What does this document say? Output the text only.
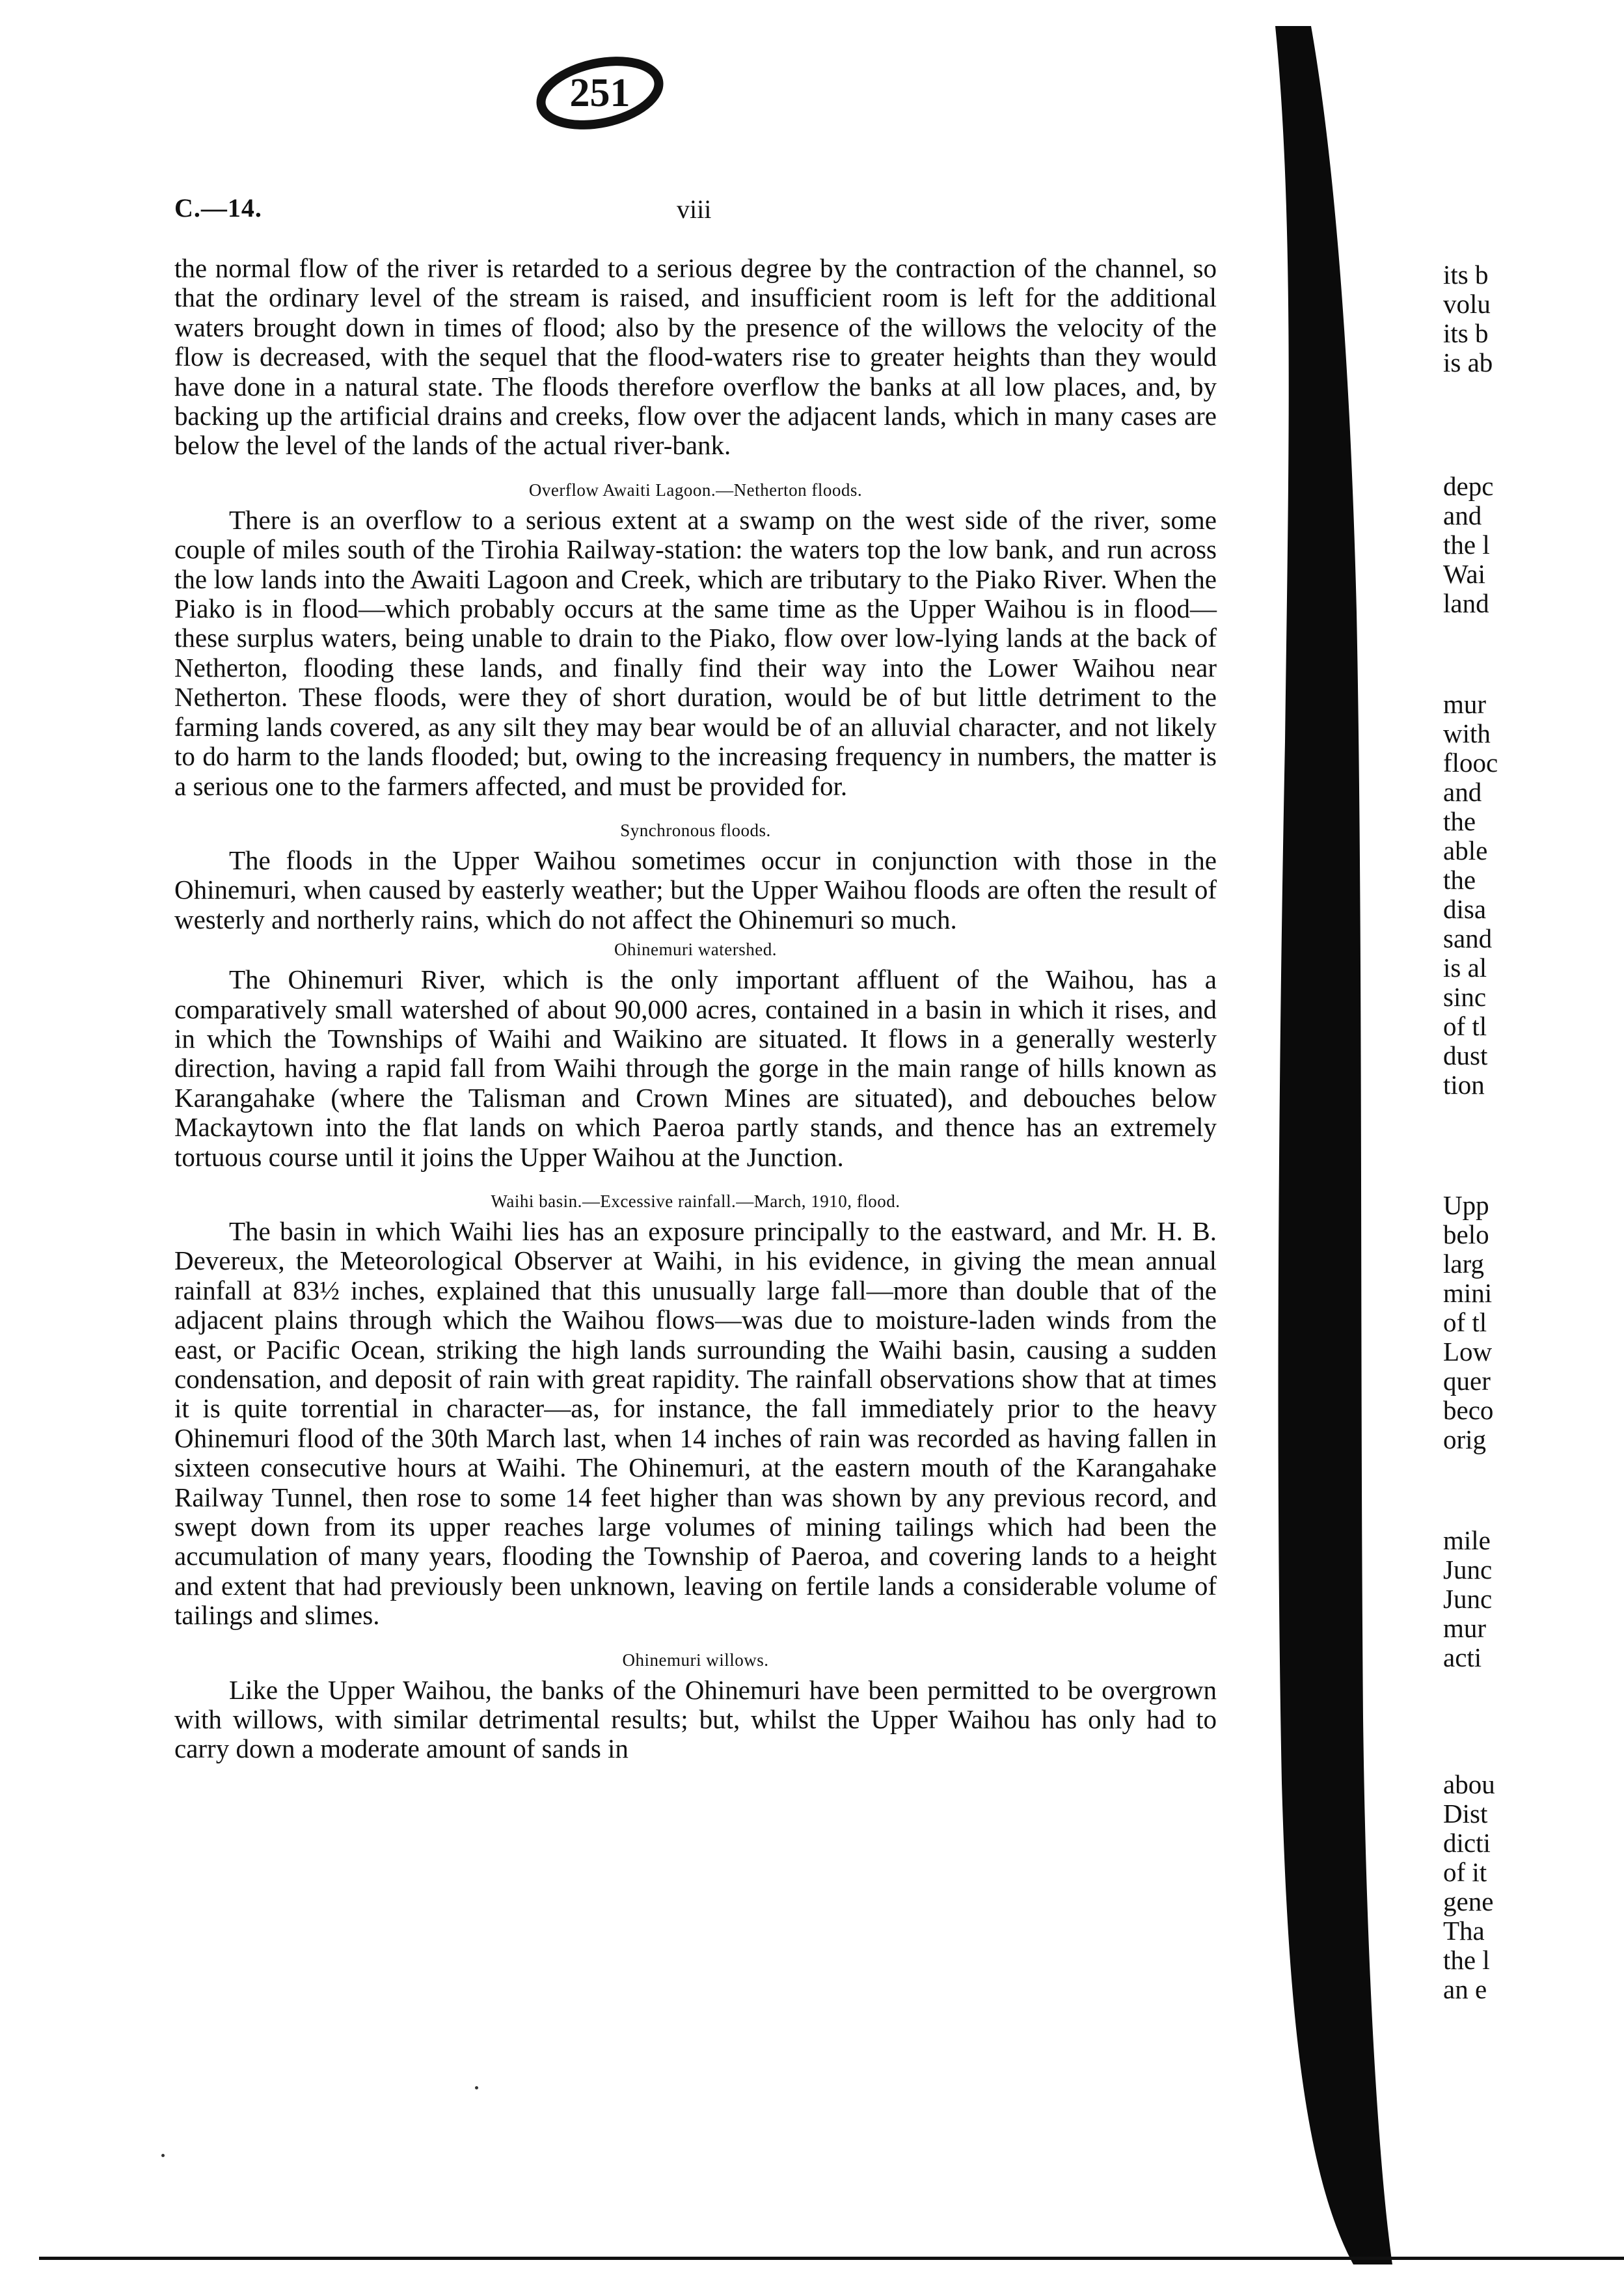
251
C.—14.	viii

the normal flow of the river is retarded to a serious degree by the contraction of the channel, so that the ordinary level of the stream is raised, and insufficient room is left for the additional waters brought down in times of flood; also by the presence of the willows the velocity of the flow is decreased, with the sequel that the flood-waters rise to greater heights than they would have done in a natural state. The floods therefore overflow the banks at all low places, and, by backing up the artificial drains and creeks, flow over the adjacent lands, which in many cases are below the level of the lands of the actual river-bank.

Overflow Awaiti Lagoon.—Netherton floods.

There is an overflow to a serious extent at a swamp on the west side of the river, some couple of miles south of the Tirohia Railway-station: the waters top the low bank, and run across the low lands into the Awaiti Lagoon and Creek, which are tributary to the Piako River. When the Piako is in flood—which probably occurs at the same time as the Upper Waihou is in flood—these surplus waters, being unable to drain to the Piako, flow over low-lying lands at the back of Netherton, flooding these lands, and finally find their way into the Lower Waihou near Netherton. These floods, were they of short duration, would be of but little detriment to the farming lands covered, as any silt they may bear would be of an alluvial character, and not likely to do harm to the lands flooded; but, owing to the increasing frequency in numbers, the matter is a serious one to the farmers affected, and must be provided for.

Synchronous floods.

The floods in the Upper Waihou sometimes occur in conjunction with those in the Ohinemuri, when caused by easterly weather; but the Upper Waihou floods are often the result of westerly and northerly rains, which do not affect the Ohinemuri so much.

Ohinemuri watershed.

The Ohinemuri River, which is the only important affluent of the Waihou, has a comparatively small watershed of about 90,000 acres, contained in a basin in which it rises, and in which the Townships of Waihi and Waikino are situated. It flows in a generally westerly direction, having a rapid fall from Waihi through the gorge in the main range of hills known as Karangahake (where the Talisman and Crown Mines are situated), and debouches below Mackaytown into the flat lands on which Paeroa partly stands, and thence has an extremely tortuous course until it joins the Upper Waihou at the Junction.

Waihi basin.—Excessive rainfall.—March, 1910, flood.

The basin in which Waihi lies has an exposure principally to the eastward, and Mr. H. B. Devereux, the Meteorological Observer at Waihi, in his evidence, in giving the mean annual rainfall at 83½ inches, explained that this unusually large fall—more than double that of the adjacent plains through which the Waihou flows—was due to moisture-laden winds from the east, or Pacific Ocean, striking the high lands surrounding the Waihi basin, causing a sudden condensation, and deposit of rain with great rapidity. The rainfall observations show that at times it is quite torrential in character—as, for instance, the fall immediately prior to the heavy Ohinemuri flood of the 30th March last, when 14 inches of rain was recorded as having fallen in sixteen consecutive hours at Waihi. The Ohinemuri, at the eastern mouth of the Karangahake Railway Tunnel, then rose to some 14 feet higher than was shown by any previous record, and swept down from its upper reaches large volumes of mining tailings which had been the accumulation of many years, flooding the Township of Paeroa, and covering lands to a height and extent that had previously been unknown, leaving on fertile lands a considerable volume of tailings and slimes.

Ohinemuri willows.

Like the Upper Waihou, the banks of the Ohinemuri have been permitted to be overgrown with willows, with similar detrimental results; but, whilst the Upper Waihou has only had to carry down a moderate amount of sands in

its b
volu
its b
is ab
depc
and
the l
Wai
land
mur
with
flooc
and
the
able
the
disa
sand
is al
sinc
of tl
dust
tion
Upp
belo
larg
mini
of tl
Low
quer
beco
orig
mile
Junc
Junc
mur
acti
abou
Dist
dicti
of it
gene
Tha
the l
an e
